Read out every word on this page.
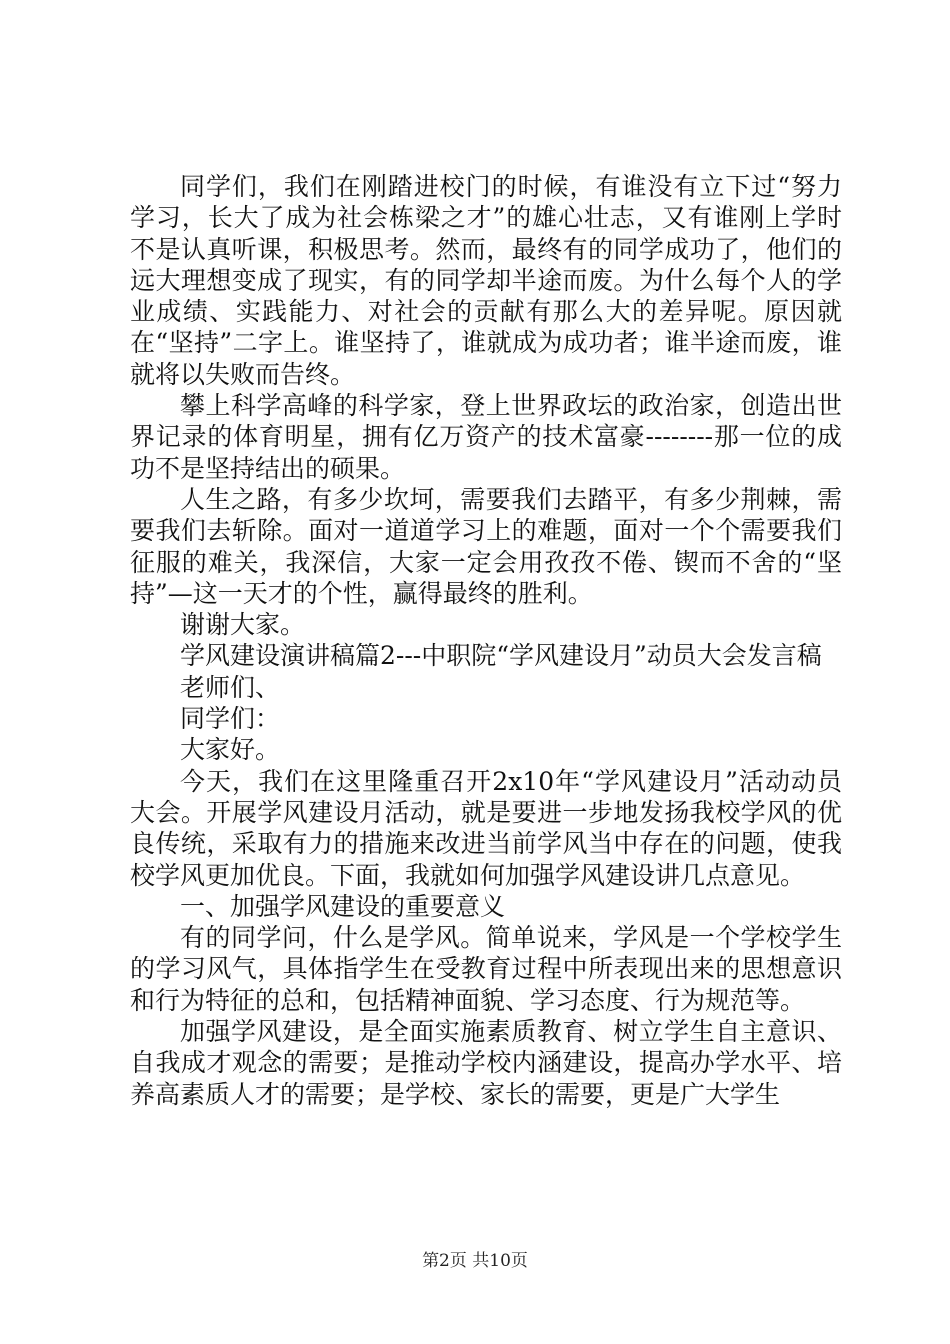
同学们，我们在刚踏进校门的时候，有谁没有立下过“努力学习，长大了成为社会栋梁之才”的雄心壮志，又有谁刚上学时不是认真听课，积极思考。然而，最终有的同学成功了，他们的远大理想变成了现实，有的同学却半途而废。为什么每个人的学业成绩、实践能力、对社会的贡献有那么大的差异呢。原因就在“坚持”二字上。谁坚持了，谁就成为成功者；谁半途而废，谁就将以失败而告终。

攀上科学高峰的科学家，登上世界政坛的政治家，创造出世界记录的体育明星，拥有亿万资产的技术富豪--------那一位的成功不是坚持结出的硕果。

人生之路，有多少坎坷，需要我们去踏平，有多少荆棘，需要我们去斩除。面对一道道学习上的难题，面对一个个需要我们征服的难关，我深信，大家一定会用孜孜不倦、锲而不舍的“坚持”—这一天才的个性，赢得最终的胜利。

谢谢大家。

学风建设演讲稿篇2---中职院“学风建设月”动员大会发言稿

老师们、

同学们：

大家好。

今天，我们在这里隆重召开2x10年“学风建设月”活动动员大会。开展学风建设月活动，就是要进一步地发扬我校学风的优良传统，采取有力的措施来改进当前学风当中存在的问题，使我校学风更加优良。下面，我就如何加强学风建设讲几点意见。

一、加强学风建设的重要意义

有的同学问，什么是学风。简单说来，学风是一个学校学生的学习风气，具体指学生在受教育过程中所表现出来的思想意识和行为特征的总和，包括精神面貌、学习态度、行为规范等。

加强学风建设，是全面实施素质教育、树立学生自主意识、自我成才观念的需要；是推动学校内涵建设，提高办学水平、培养高素质人才的需要；是学校、家长的需要，更是广大学生

第2页 共10页
